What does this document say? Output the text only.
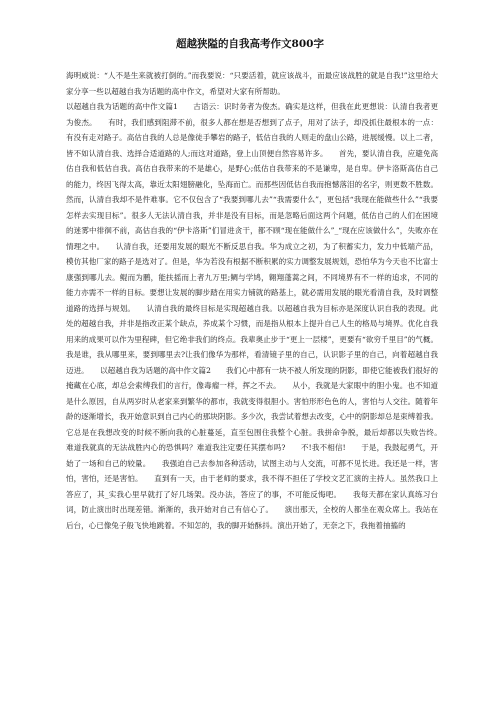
超越狭隘的自我高考作文800字

海明威说：“人不是生来就被打倒的。”而我要说：“只要活着，就应该战斗，而最应该战胜的就是自我!”这里给大家分享一些以超越自我为话题的高中作文，希望对大家有所帮助。

以超越自我为话题的高中作文篇1　　古语云：识时务者为俊杰。确实是这样，但我在此更想说：认清自我者更为俊杰。　　有时，我们感到阻滞不前，很多人都在想是否想到了点子，用对了法子，却没抓住最根本的一点：有没有走对路子。高估自我的人总是像徒手攀岩的路子，低估自我的人则走的盘山公路，进展缓慢。以上二者，皆不如认清自我、选择合适道路的人;而这对道路，登上山顶便自然容易许多。　　首先，要认清自我，应避免高估自我和低估自我。高估自我带来的不是雄心，是野心;低估自我带来的不是谦卑，是自卑。伊卡洛斯高估自己的能力，终因飞得太高，靠近太阳翅膀融化，坠海而亡。而那些因低估自我而抱憾落泪的名字，则更数不胜数。然而，认清自我却不是件难事。它不仅包含了“我要到哪儿去”“我需要什么”，更包括“我现在能做些什么”“我要怎样去实现目标”。很多人无法认清自我，并非是没有目标，而是忽略后面这两个问题，低估自己的人们在困境的迷雾中徘徊不前，高估自我的“伊卡洛斯”们冒进贪干，都不顾“现在能做什么”_“现在应该做什么”，失败亦在情理之中。　　认清自我，还要用发展的眼光不断反思自我。华为成立之初，为了积蓄实力，发力中低端产品，模仿其他厂家的路子是选对了。但是，华为若没有根据不断积累的实力调整发展规划，恐怕华为今天也不比富士康强到哪儿去。鲲而为鹏，能扶摇而上者九万里;鲷与学鸠，翱翔蓬蒿之间，不同境界有不一样的追求，不同的能力亦需不一样的目标。要想让发展的脚步踏在用实力铺就的路基上，就必需用发展的眼光看清自我，及时调整道路的选择与规划。　　认清自我的最终目标是实现超越自我。以超越自我为目标亦是深度认识自我的表现。此处的超越自我，并非是指改正某个缺点，养成某个习惯，而是指从根本上提升自己人生的格局与境界。优化自我用来的成果可以作为里程碑，但它绝非我们的终点。我辈奥止步于“更上一层楼”，更要有“欲穷千里目”的气概。我是谁，我从哪里来，要到哪里去?让我们像华为那样，看清镜子里的自己，认识影子里的自己，向着超越自我迈进。　　以超越自我为话题的高中作文篇2　　我们心中都有一块不被人所发现的阴影，即使它能被我们很好的掩藏在心底，却总会索缚我们的言行，像毒瘤一样，挥之不去。　　从小，我就是大家眼中的胆小鬼。也不知道是什么原因，自从两岁时从老家来到繁华的都市，我就变得很胆小。害怕形形色色的人，害怕与人交往。随着年龄的逐渐增长，我开始意识到自己内心的那块阴影。多少次，我尝试着想去改变，心中的阴影却总是束缚着我。它总是在我想改变的时候不断向我的心脏蔓延，直至包围住我整个心脏。我拼命争脱，最后却都以失败告终。　　难道我就真的无法战胜内心的恐惧吗？难道我注定要任其摆布吗?　　不!我不相信!　　于是，我鼓起勇气，开始了一场和自己的较量。　　我强迫自己去参加各种活动，试图主动与人交流，可都不见长进。我还是一样，害怕，害怕，还是害怕。　　直到有一天，由于老师的要求，我不得不担任了学校文艺汇演的主持人。虽然我口上答应了，其_实我心里早就打了好几场架。没办法，答应了的事，不可能反悔吧。　　我每天都在家认真练习台词，防止演出时出现差错。渐渐的，我开始对自己有信心了。　　演出那天，全校的人都坐在观众席上。我站在后台，心已像兔子般飞快地跳着。不知怎的，我的脚开始酥抖。演出开始了，无奈之下，我拖着抽搐的
